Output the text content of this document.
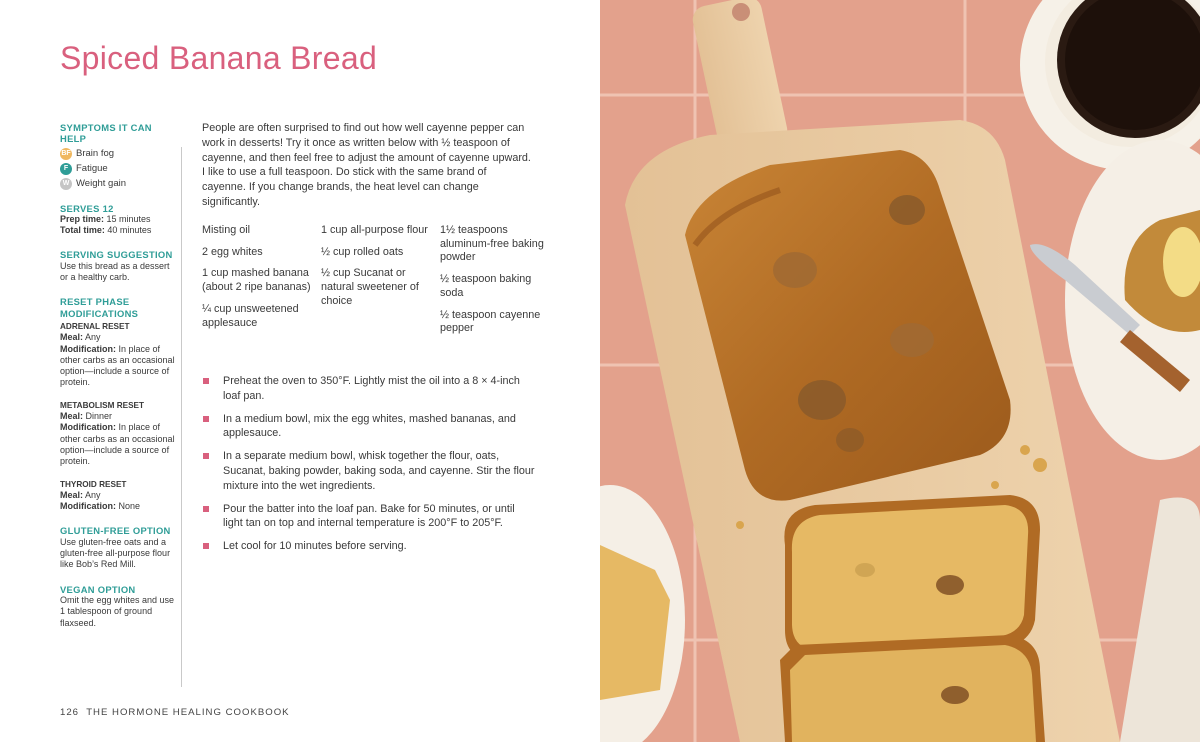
Spiced Banana Bread
SYMPTOMS IT CAN HELP
BF Brain fog
F Fatigue
W Weight gain
SERVES 12
Prep time: 15 minutes
Total time: 40 minutes
SERVING SUGGESTION
Use this bread as a dessert or a healthy carb.
RESET PHASE MODIFICATIONS
ADRENAL RESET
Meal: Any
Modification: In place of other carbs as an occasional option—include a source of protein.
METABOLISM RESET
Meal: Dinner
Modification: In place of other carbs as an occasional option—include a source of protein.
THYROID RESET
Meal: Any
Modification: None
GLUTEN-FREE OPTION
Use gluten-free oats and a gluten-free all-purpose flour like Bob’s Red Mill.
VEGAN OPTION
Omit the egg whites and use 1 tablespoon of ground flaxseed.
People are often surprised to find out how well cayenne pepper can work in desserts! Try it once as written below with ½ teaspoon of cayenne, and then feel free to adjust the amount of cayenne upward. I like to use a full teaspoon. Do stick with the same brand of cayenne. If you change brands, the heat level can change significantly.
Misting oil
2 egg whites
1 cup mashed banana (about 2 ripe bananas)
¼ cup unsweetened applesauce
1 cup all-purpose flour
½ cup rolled oats
½ cup Sucanat or natural sweetener of choice
1½ teaspoons aluminum-free baking powder
½ teaspoon baking soda
½ teaspoon cayenne pepper
Preheat the oven to 350°F. Lightly mist the oil into a 8 × 4-inch loaf pan.
In a medium bowl, mix the egg whites, mashed bananas, and applesauce.
In a separate medium bowl, whisk together the flour, oats, Sucanat, baking powder, baking soda, and cayenne. Stir the flour mixture into the wet ingredients.
Pour the batter into the loaf pan. Bake for 50 minutes, or until light tan on top and internal temperature is 200°F to 205°F.
Let cool for 10 minutes before serving.
126 THE HORMONE HEALING COOKBOOK
